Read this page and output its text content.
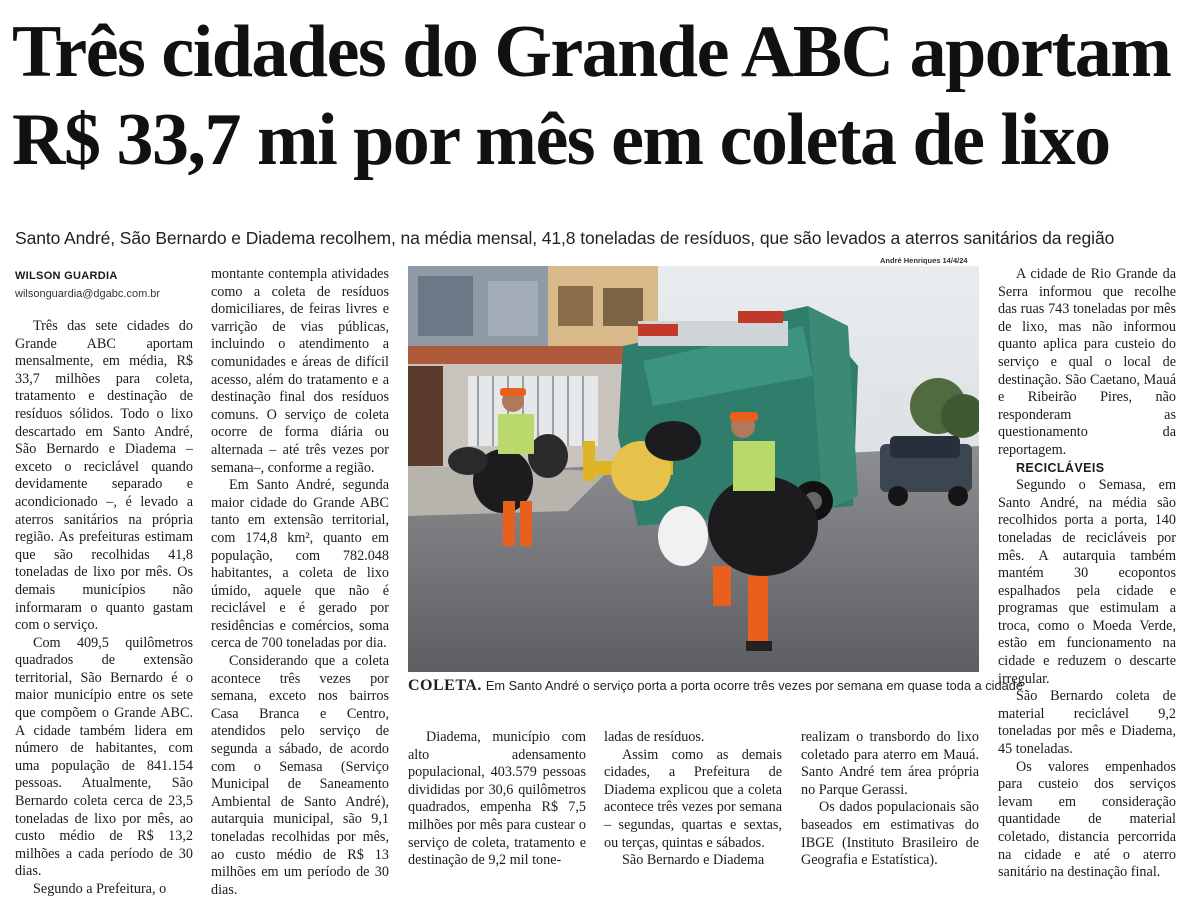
Três cidades do Grande ABC aportam
R$ 33,7 mi por mês em coleta de lixo
Santo André, São Bernardo e Diadema recolhem, na média mensal, 41,8 toneladas de resíduos, que são levados a aterros sanitários da região
WILSON GUARDIA
wilsonguardia@dgabc.com.br

Três das sete cidades do Grande ABC aportam mensalmente, em média, R$ 33,7 milhões para coleta, tratamento e destinação de resíduos sólidos. Todo o lixo descartado em Santo André, São Bernardo e Diadema – exceto o reciclável quando devidamente separado e acondicionado –, é levado a aterros sanitários na própria região. As prefeituras estimam que são recolhidas 41,8 toneladas de lixo por mês. Os demais municípios não informaram o quanto gastam com o serviço.

Com 409,5 quilômetros quadrados de extensão territorial, São Bernardo é o maior município entre os sete que compõem o Grande ABC. A cidade também lidera em número de habitantes, com uma população de 841.154 pessoas. Atualmente, São Bernardo coleta cerca de 23,5 toneladas de lixo por mês, ao custo médio de R$ 13,2 milhões a cada período de 30 dias.

Segundo a Prefeitura, o

montante contempla atividades como a coleta de resíduos domiciliares, de feiras livres e varrição de vias públicas, incluindo o atendimento a comunidades e áreas de difícil acesso, além do tratamento e a destinação final dos resíduos comuns. O serviço de coleta ocorre de forma diária ou alternada – até três vezes por semana–, conforme a região.

Em Santo André, segunda maior cidade do Grande ABC tanto em extensão territorial, com 174,8 km², quanto em população, com 782.048 habitantes, a coleta de lixo úmido, aquele que não é reciclável e é gerado por residências e comércios, soma cerca de 700 toneladas por dia.

Considerando que a coleta acontece três vezes por semana, exceto nos bairros Casa Branca e Centro, atendidos pelo serviço de segunda a sábado, de acordo com o Semasa (Serviço Municipal de Saneamento Ambiental de Santo André), autarquia municipal, são 9,1 toneladas recolhidas por mês, ao custo médio de R$ 13 milhões em um período de 30 dias.

André Henriques 14/4/24
COLETA. Em Santo André o serviço porta a porta ocorre três vezes por semana em quase toda a cidade

Diadema, município com alto adensamento populacional, 403.579 pessoas divididas por 30,6 quilômetros quadrados, empenha R$ 7,5 milhões por mês para custear o serviço de coleta, tratamento e destinação de 9,2 mil tone-

ladas de resíduos.

Assim como as demais cidades, a Prefeitura de Diadema explicou que a coleta acontece três vezes por semana – segundas, quartas e sextas, ou terças, quintas e sábados.

São Bernardo e Diadema

realizam o transbordo do lixo coletado para aterro em Mauá. Santo André tem área própria no Parque Gerassi.

Os dados populacionais são baseados em estimativas do IBGE (Instituto Brasileiro de Geografia e Estatística).

A cidade de Rio Grande da Serra informou que recolhe das ruas 743 toneladas por mês de lixo, mas não informou quanto aplica para custeio do serviço e qual o local de destinação. São Caetano, Mauá e Ribeirão Pires, não responderam as questionamento da reportagem.

RECICLÁVEIS

Segundo o Semasa, em Santo André, na média são recolhidos porta a porta, 140 toneladas de recicláveis por mês. A autarquia também mantém 30 ecopontos espalhados pela cidade e programas que estimulam a troca, como o Moeda Verde, estão em funcionamento na cidade e reduzem o descarte irregular.

São Bernardo coleta de material reciclável 9,2 toneladas por mês e Diadema, 45 toneladas.

Os valores empenhados para custeio dos serviços levam em consideração quantidade de material coletado, distancia percorrida na cidade e até o aterro sanitário na destinação final.
